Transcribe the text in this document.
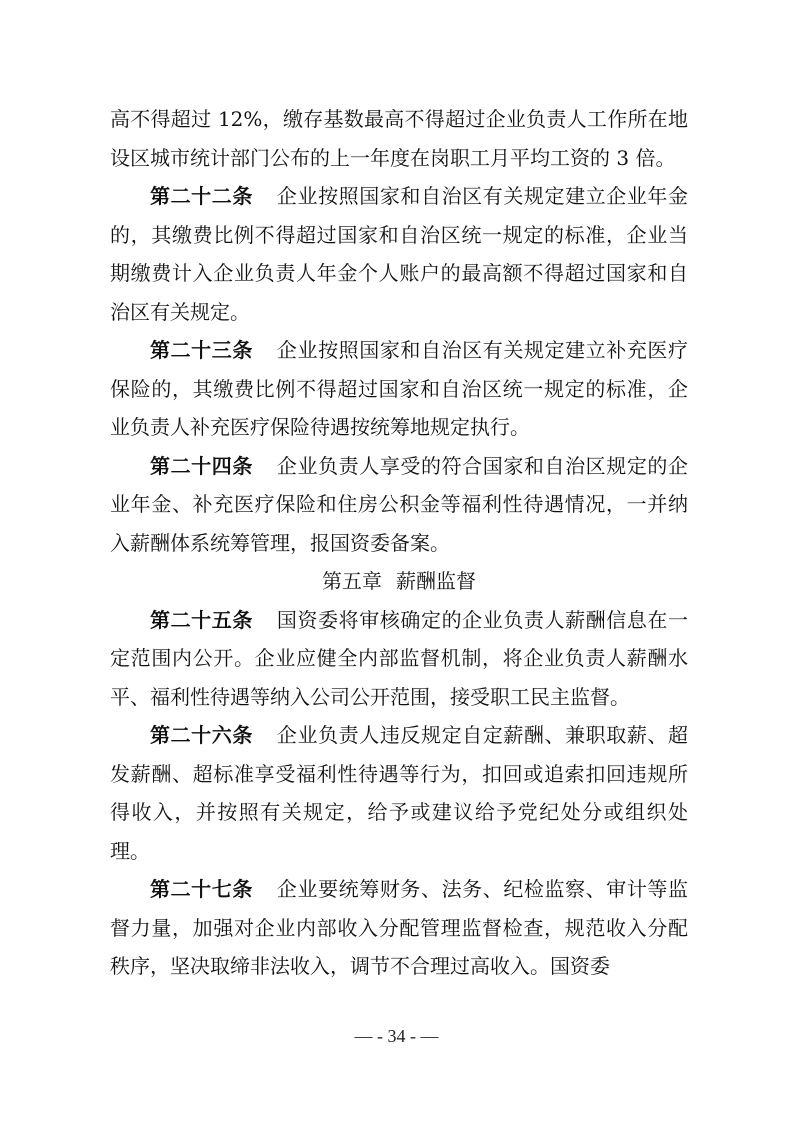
高不得超过 12%，缴存基数最高不得超过企业负责人工作所在地设区城市统计部门公布的上一年度在岗职工月平均工资的 3 倍。

第二十二条 企业按照国家和自治区有关规定建立企业年金的，其缴费比例不得超过国家和自治区统一规定的标准，企业当期缴费计入企业负责人年金个人账户的最高额不得超过国家和自治区有关规定。

第二十三条 企业按照国家和自治区有关规定建立补充医疗保险的，其缴费比例不得超过国家和自治区统一规定的标准，企业负责人补充医疗保险待遇按统筹地规定执行。

第二十四条 企业负责人享受的符合国家和自治区规定的企业年金、补充医疗保险和住房公积金等福利性待遇情况，一并纳入薪酬体系统筹管理，报国资委备案。

第五章 薪酬监督

第二十五条 国资委将审核确定的企业负责人薪酬信息在一定范围内公开。企业应健全内部监督机制，将企业负责人薪酬水平、福利性待遇等纳入公司公开范围，接受职工民主监督。

第二十六条 企业负责人违反规定自定薪酬、兼职取薪、超发薪酬、超标准享受福利性待遇等行为，扣回或追索扣回违规所得收入，并按照有关规定，给予或建议给予党纪处分或组织处理。

第二十七条 企业要统筹财务、法务、纪检监察、审计等监督力量，加强对企业内部收入分配管理监督检查，规范收入分配秩序，坚决取缔非法收入，调节不合理过高收入。国资委

— - 34 - —
